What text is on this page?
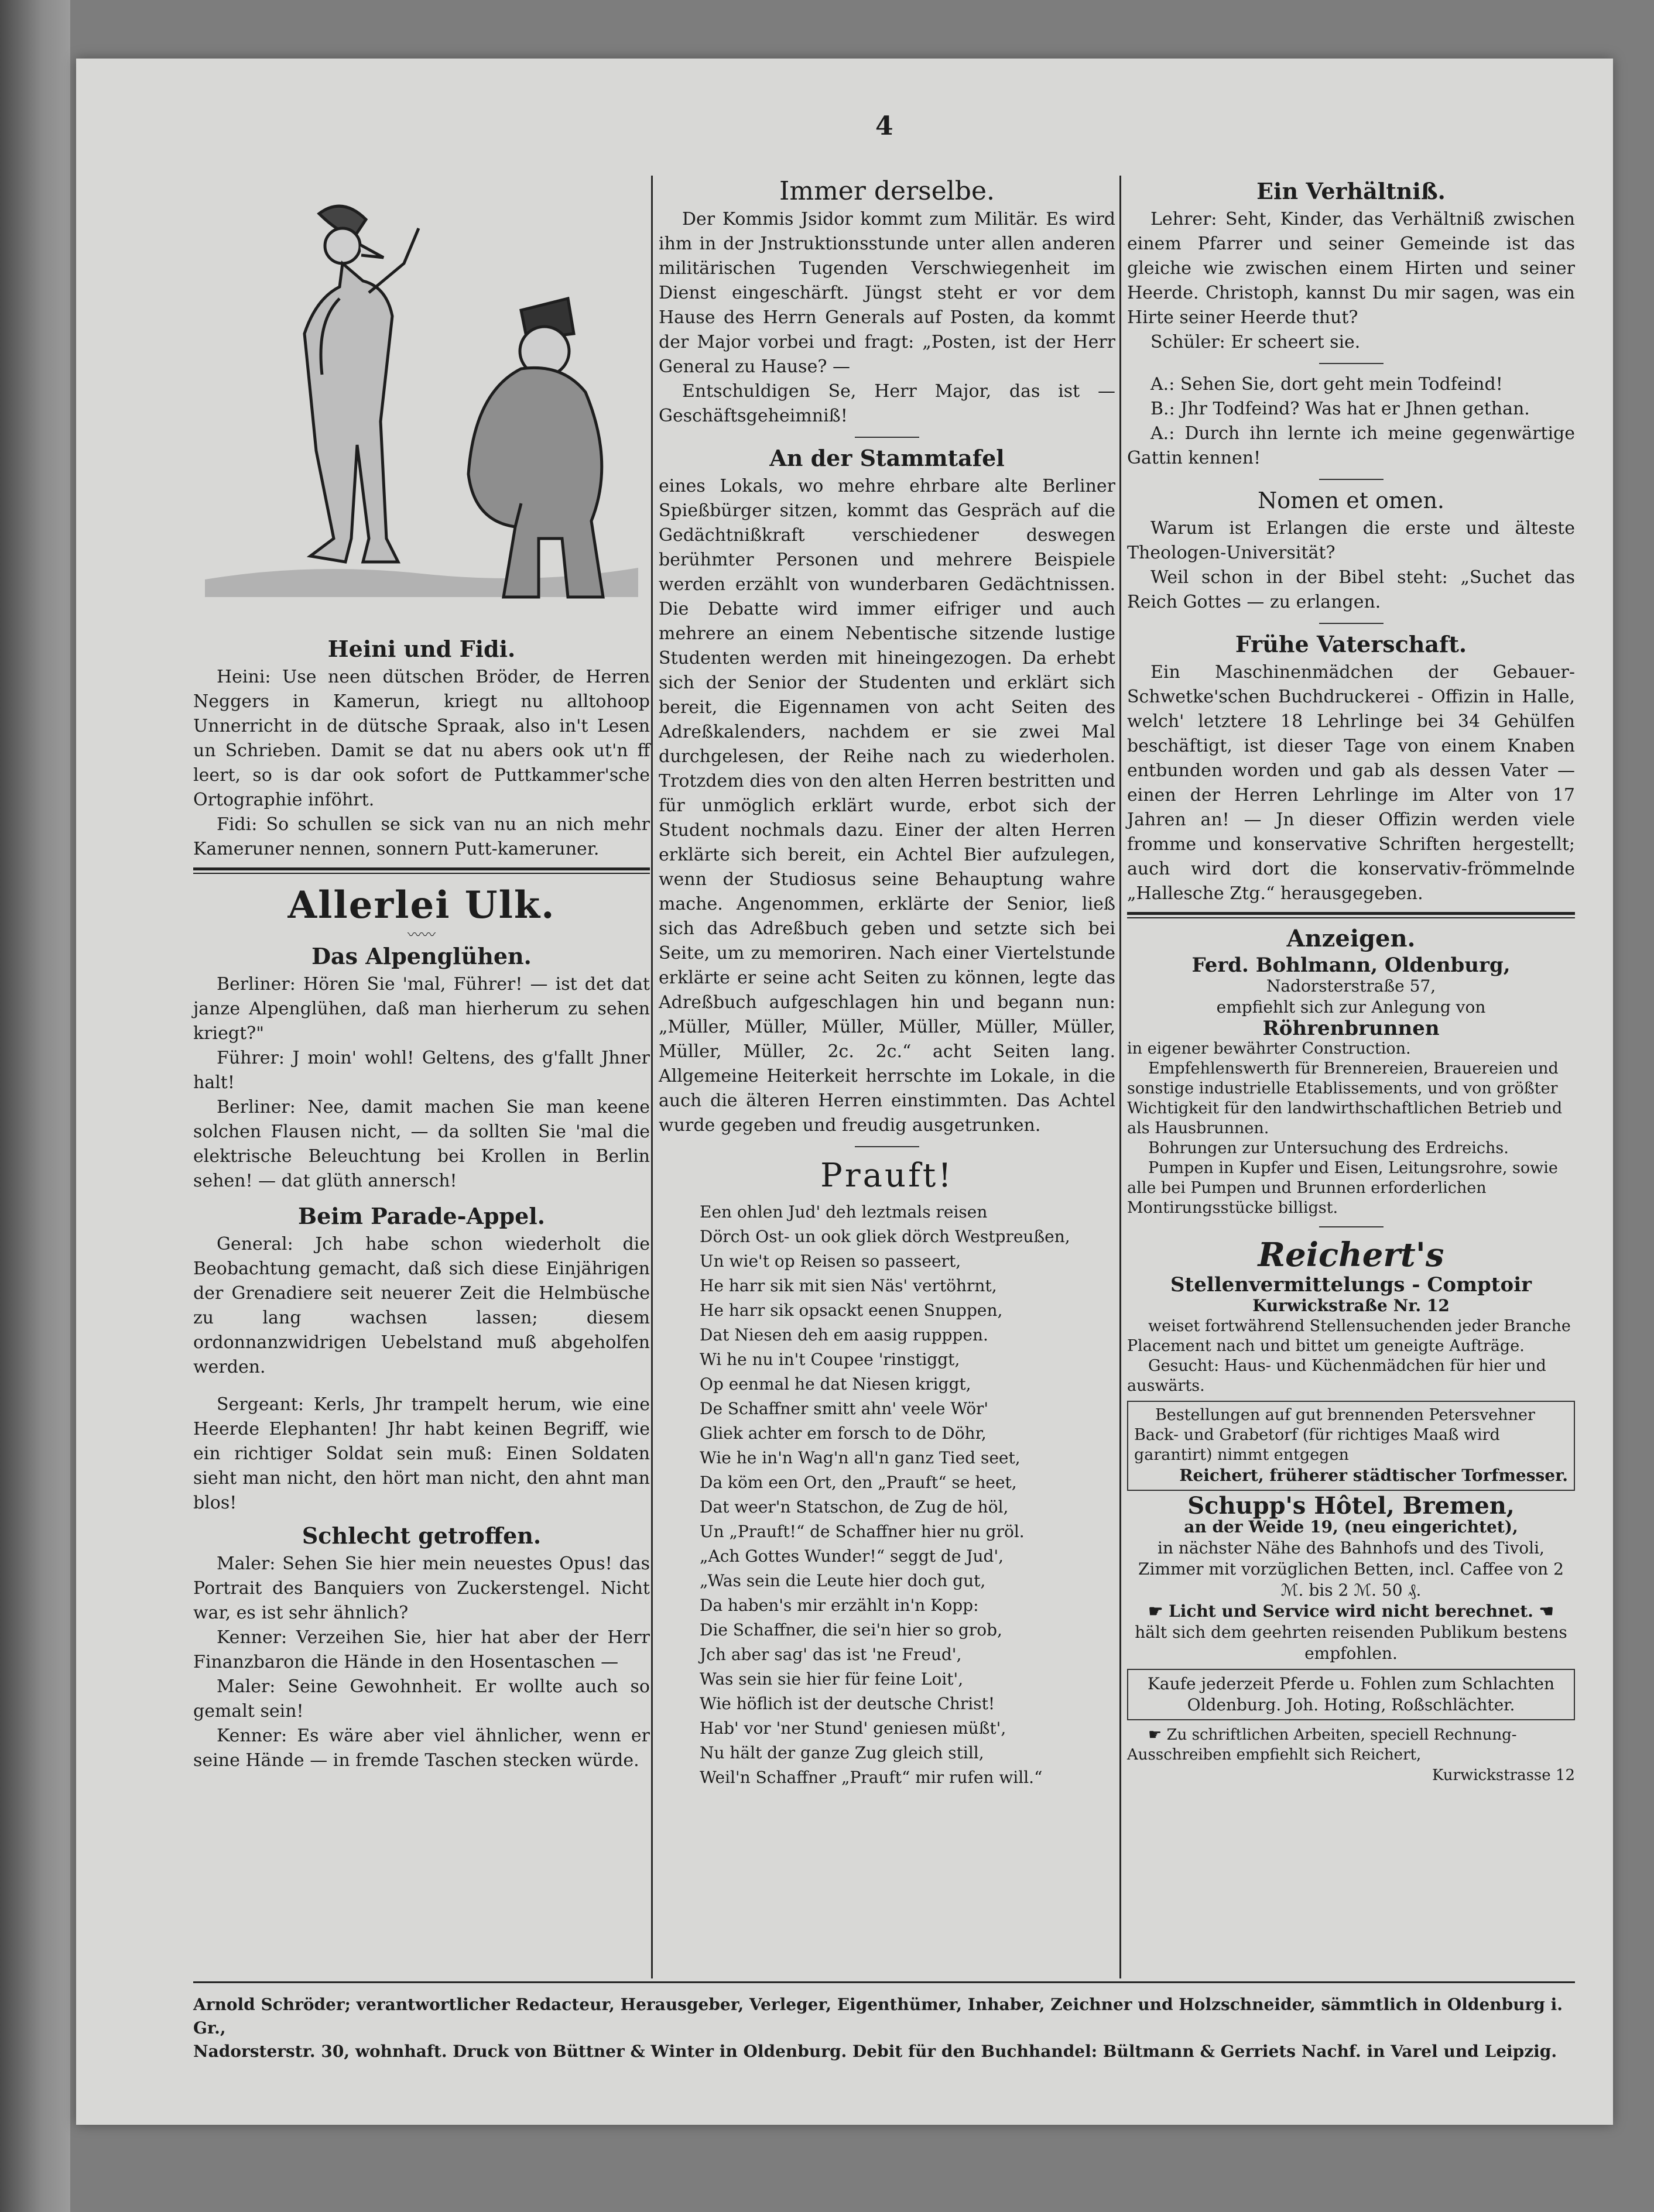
4
Heini und Fidi.

Heini: Use neen dütschen Bröder, de Herren Neggers in Kamerun, kriegt nu alltohoop Unnerricht in de dütsche Spraak, also in't Lesen un Schrieben. Damit se dat nu abers ook ut'n ff leert, so is dar ook sofort de Puttkammer'sche Ortographie inföhrt.

Fidi: So schullen se sick van nu an nich mehr Kameruner nennen, sonnern Putt-kameruner.

Allerlei Ulk.
〰〰
Das Alpenglühen.

Berliner: Hören Sie 'mal, Führer! — ist det dat janze Alpenglühen, daß man hierherum zu sehen kriegt?"

Führer: J moin' wohl! Geltens, des g'fallt Jhner halt!

Berliner: Nee, damit machen Sie man keene solchen Flausen nicht, — da sollten Sie 'mal die elektrische Beleuchtung bei Krollen in Berlin sehen! — dat glüth annersch!

Beim Parade-Appel.

General: Jch habe schon wiederholt die Beobachtung gemacht, daß sich diese Einjährigen der Grenadiere seit neuerer Zeit die Helmbüsche zu lang wachsen lassen; diesem ordonnanzwidrigen Uebelstand muß abgeholfen werden.

Sergeant: Kerls, Jhr trampelt herum, wie eine Heerde Elephanten! Jhr habt keinen Begriff, wie ein richtiger Soldat sein muß: Einen Soldaten sieht man nicht, den hört man nicht, den ahnt man blos!

Schlecht getroffen.

Maler: Sehen Sie hier mein neuestes Opus! das Portrait des Banquiers von Zuckerstengel. Nicht war, es ist sehr ähnlich?

Kenner: Verzeihen Sie, hier hat aber der Herr Finanzbaron die Hände in den Hosentaschen —

Maler: Seine Gewohnheit. Er wollte auch so gemalt sein!

Kenner: Es wäre aber viel ähnlicher, wenn er seine Hände — in fremde Taschen stecken würde.

Immer derselbe.

Der Kommis Jsidor kommt zum Militär. Es wird ihm in der Jnstruktionsstunde unter allen anderen militärischen Tugenden Verschwiegenheit im Dienst eingeschärft. Jüngst steht er vor dem Hause des Herrn Generals auf Posten, da kommt der Major vorbei und fragt: „Posten, ist der Herr General zu Hause? —

Entschuldigen Se, Herr Major, das ist — Geschäftsgeheimniß!

An der Stammtafel

eines Lokals, wo mehre ehrbare alte Berliner Spießbürger sitzen, kommt das Gespräch auf die Gedächtnißkraft verschiedener deswegen berühmter Personen und mehrere Beispiele werden erzählt von wunderbaren Gedächtnissen. Die Debatte wird immer eifriger und auch mehrere an einem Nebentische sitzende lustige Studenten werden mit hineingezogen. Da erhebt sich der Senior der Studenten und erklärt sich bereit, die Eigennamen von acht Seiten des Adreßkalenders, nachdem er sie zwei Mal durchgelesen, der Reihe nach zu wiederholen. Trotzdem dies von den alten Herren bestritten und für unmöglich erklärt wurde, erbot sich der Student nochmals dazu. Einer der alten Herren erklärte sich bereit, ein Achtel Bier aufzulegen, wenn der Studiosus seine Behauptung wahre mache. Angenommen, erklärte der Senior, ließ sich das Adreßbuch geben und setzte sich bei Seite, um zu memoriren. Nach einer Viertelstunde erklärte er seine acht Seiten zu können, legte das Adreßbuch aufgeschlagen hin und begann nun: „Müller, Müller, Müller, Müller, Müller, Müller, Müller, Müller, 2c. 2c.“ acht Seiten lang. Allgemeine Heiterkeit herrschte im Lokale, in die auch die älteren Herren einstimmten. Das Achtel wurde gegeben und freudig ausgetrunken.

Prauft!
Een ohlen Jud' deh leztmals reisen
Dörch Ost- un ook gliek dörch Westpreußen,
Un wie't op Reisen so passeert,
He harr sik mit sien Näs' vertöhrnt,
He harr sik opsackt eenen Snuppen,
Dat Niesen deh em aasig rupppen.
Wi he nu in't Coupee 'rinstiggt,
Op eenmal he dat Niesen kriggt,
De Schaffner smitt ahn' veele Wör'
Gliek achter em forsch to de Döhr,
Wie he in'n Wag'n all'n ganz Tied seet,
Da köm een Ort, den „Prauft“ se heet,
Dat weer'n Statschon, de Zug de höl,
Un „Prauft!“ de Schaffner hier nu gröl.
„Ach Gottes Wunder!“ seggt de Jud',
„Was sein die Leute hier doch gut,
Da haben's mir erzählt in'n Kopp:
Die Schaffner, die sei'n hier so grob,
Jch aber sag' das ist 'ne Freud',
Was sein sie hier für feine Loit',
Wie höflich ist der deutsche Christ!
Hab' vor 'ner Stund' geniesen müßt',
Nu hält der ganze Zug gleich still,
Weil'n Schaffner „Prauft“ mir rufen will.“
Ein Verhältniß.

Lehrer: Seht, Kinder, das Verhältniß zwischen einem Pfarrer und seiner Gemeinde ist das gleiche wie zwischen einem Hirten und seiner Heerde. Christoph, kannst Du mir sagen, was ein Hirte seiner Heerde thut?

Schüler: Er scheert sie.

A.: Sehen Sie, dort geht mein Todfeind!

B.: Jhr Todfeind? Was hat er Jhnen gethan.

A.: Durch ihn lernte ich meine gegenwärtige Gattin kennen!

Nomen et omen.

Warum ist Erlangen die erste und älteste Theologen-Universität?

Weil schon in der Bibel steht: „Suchet das Reich Gottes — zu erlangen.

Frühe Vaterschaft.

Ein Maschinenmädchen der Gebauer-Schwetke'schen Buchdruckerei - Offizin in Halle, welch' letztere 18 Lehrlinge bei 34 Gehülfen beschäftigt, ist dieser Tage von einem Knaben entbunden worden und gab als dessen Vater — einen der Herren Lehrlinge im Alter von 17 Jahren an! — Jn dieser Offizin werden viele fromme und konservative Schriften hergestellt; auch wird dort die konservativ-frömmelnde „Hallesche Ztg.“ herausgegeben.

Anzeigen.
Ferd. Bohlmann, Oldenburg,
Nadorsterstraße 57,
empfiehlt sich zur Anlegung von
Röhrenbrunnen
in eigener bewährter Construction.
Empfehlenswerth für Brennereien, Brauereien und sonstige industrielle Etablissements, und von größter Wichtigkeit für den landwirthschaftlichen Betrieb und als Hausbrunnen.
Bohrungen zur Untersuchung des Erdreichs.
Pumpen in Kupfer und Eisen, Leitungsrohre, sowie alle bei Pumpen und Brunnen erforderlichen Montirungsstücke billigst.
Reichert's
Stellenvermittelungs - Comptoir
Kurwickstraße Nr. 12
weiset fortwährend Stellensuchenden jeder Branche Placement nach und bittet um geneigte Aufträge.
Gesucht: Haus- und Küchenmädchen für hier und auswärts.
Bestellungen auf gut brennenden Petersvehner Back- und Grabetorf (für richtiges Maaß wird garantirt) nimmt entgegen
Reichert, früherer städtischer Torfmesser.
Schupp's Hôtel, Bremen,
an der Weide 19, (neu eingerichtet),
in nächster Nähe des Bahnhofs und des Tivoli, Zimmer mit vorzüglichen Betten, incl. Caffee von 2 ℳ. bis 2 ℳ. 50 ₰.
☛ Licht und Service wird nicht berechnet. ☚
hält sich dem geehrten reisenden Publikum bestens empfohlen.
Kaufe jederzeit Pferde u. Fohlen zum Schlachten
Oldenburg. Joh. Hoting, Roßschlächter.
☛ Zu schriftlichen Arbeiten, speciell Rechnung-Ausschreiben empfiehlt sich Reichert,
Kurwickstrasse 12
Arnold Schröder; verantwortlicher Redacteur, Herausgeber, Verleger, Eigenthümer, Inhaber, Zeichner und Holzschneider, sämmtlich in Oldenburg i. Gr.,
Nadorsterstr. 30, wohnhaft. Druck von Büttner & Winter in Oldenburg. Debit für den Buchhandel: Bültmann & Gerriets Nachf. in Varel und Leipzig.
